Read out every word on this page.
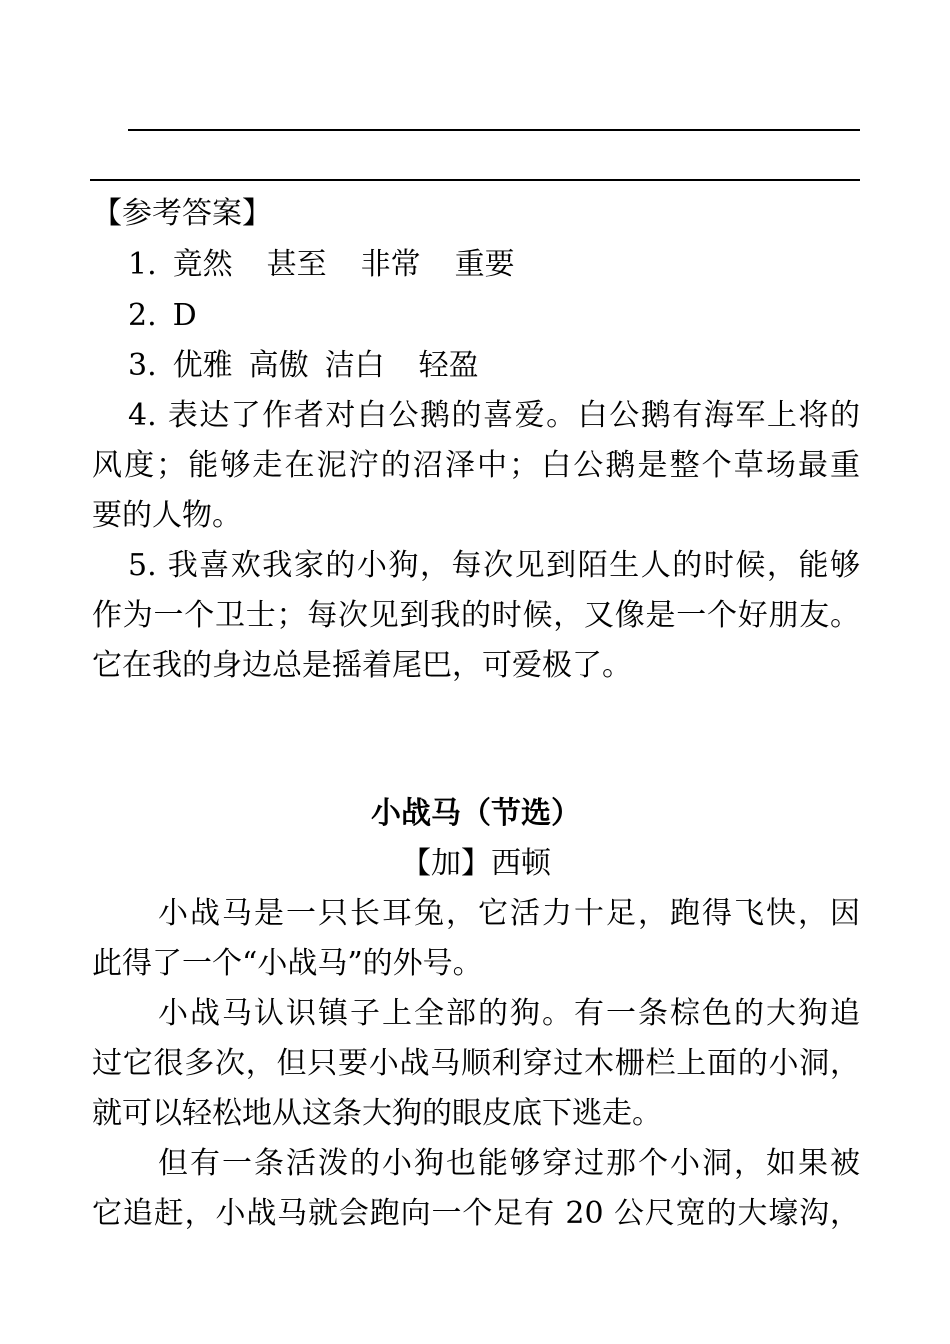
【参考答案】
1. 竟然 甚至 非常 重要
2. D
3. 优雅 高傲 洁白 轻盈
4. 表达了作者对白公鹅的喜爱。白公鹅有海军上将的
风度；能够走在泥泞的沼泽中；白公鹅是整个草场最重
要的人物。
5. 我喜欢我家的小狗，每次见到陌生人的时候，能够
作为一个卫士；每次见到我的时候，又像是一个好朋友。
它在我的身边总是摇着尾巴，可爱极了。
小战马（节选）
【加】西顿
小战马是一只长耳兔，它活力十足，跑得飞快，因
此得了一个“小战马”的外号。
小战马认识镇子上全部的狗。有一条棕色的大狗追
过它很多次，但只要小战马顺利穿过木栅栏上面的小洞，
就可以轻松地从这条大狗的眼皮底下逃走。
但有一条活泼的小狗也能够穿过那个小洞，如果被
它追赶，小战马就会跑向一个足有 20 公尺宽的大壕沟，
